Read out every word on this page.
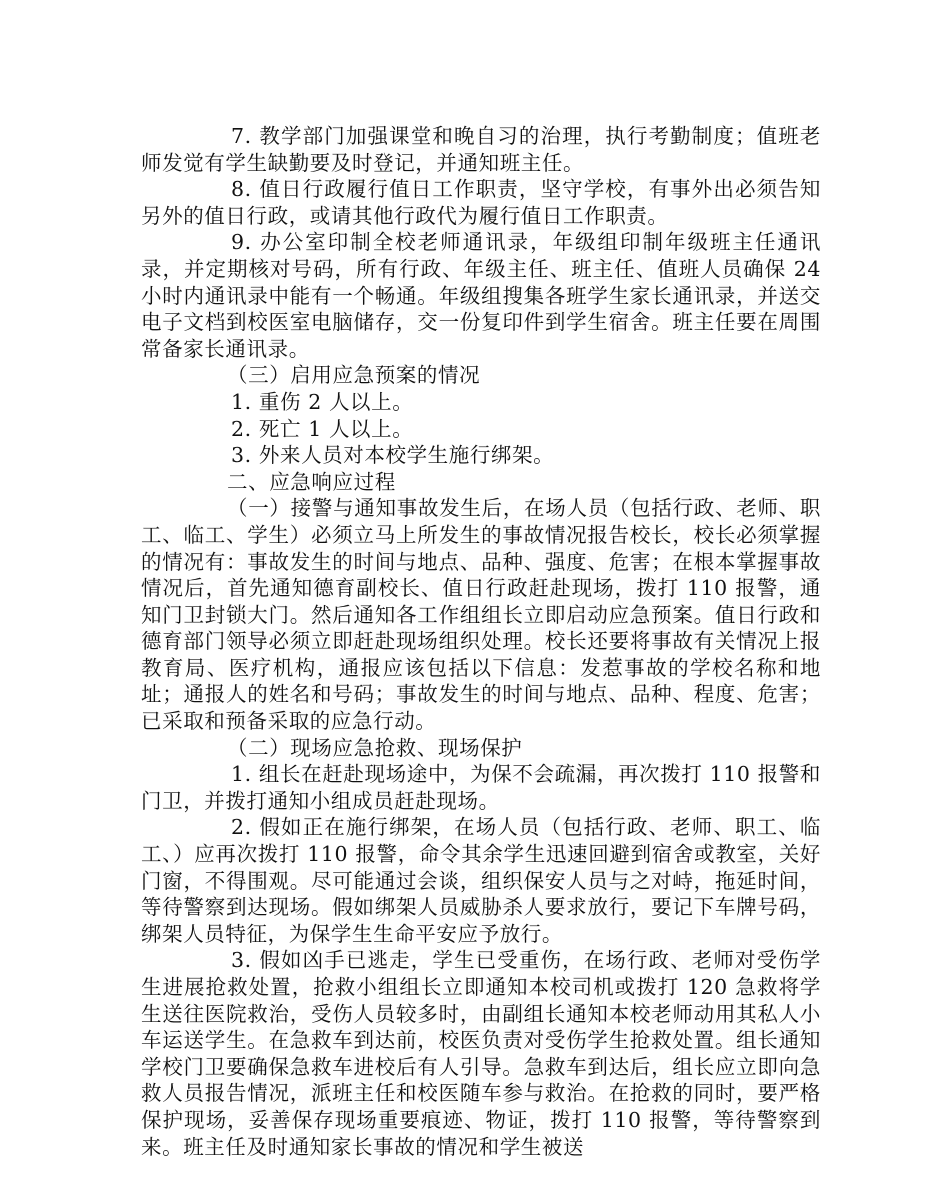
7. 教学部门加强课堂和晚自习的治理，执行考勤制度；值班老师发觉有学生缺勤要及时登记，并通知班主任。

8. 值日行政履行值日工作职责，坚守学校，有事外出必须告知另外的值日行政，或请其他行政代为履行值日工作职责。

9. 办公室印制全校老师通讯录，年级组印制年级班主任通讯录，并定期核对号码，所有行政、年级主任、班主任、值班人员确保 24 小时内通讯录中能有一个畅通。年级组搜集各班学生家长通讯录，并送交电子文档到校医室电脑储存，交一份复印件到学生宿舍。班主任要在周围常备家长通讯录。

（三）启用应急预案的情况

1. 重伤 2 人以上。

2. 死亡 1 人以上。

3. 外来人员对本校学生施行绑架。

二、应急响应过程

（一）接警与通知事故发生后，在场人员（包括行政、老师、职工、临工、学生）必须立马上所发生的事故情况报告校长，校长必须掌握的情况有：事故发生的时间与地点、品种、强度、危害；在根本掌握事故情况后，首先通知德育副校长、值日行政赶赴现场，拨打 110 报警，通知门卫封锁大门。然后通知各工作组组长立即启动应急预案。值日行政和德育部门领导必须立即赶赴现场组织处理。校长还要将事故有关情况上报教育局、医疗机构，通报应该包括以下信息：发惹事故的学校名称和地址；通报人的姓名和号码；事故发生的时间与地点、品种、程度、危害；已采取和预备采取的应急行动。

（二）现场应急抢救、现场保护

1. 组长在赶赴现场途中，为保不会疏漏，再次拨打 110 报警和门卫，并拨打通知小组成员赶赴现场。

2. 假如正在施行绑架，在场人员（包括行政、老师、职工、临工、）应再次拨打 110 报警，命令其余学生迅速回避到宿舍或教室，关好门窗，不得围观。尽可能通过会谈，组织保安人员与之对峙，拖延时间，等待警察到达现场。假如绑架人员威胁杀人要求放行，要记下车牌号码，绑架人员特征，为保学生生命平安应予放行。

3. 假如凶手已逃走，学生已受重伤，在场行政、老师对受伤学生进展抢救处置，抢救小组组长立即通知本校司机或拨打 120 急救将学生送往医院救治，受伤人员较多时，由副组长通知本校老师动用其私人小车运送学生。在急救车到达前，校医负责对受伤学生抢救处置。组长通知学校门卫要确保急救车进校后有人引导。急救车到达后，组长应立即向急救人员报告情况，派班主任和校医随车参与救治。在抢救的同时，要严格保护现场，妥善保存现场重要痕迹、物证，拨打 110 报警，等待警察到来。班主任及时通知家长事故的情况和学生被送
